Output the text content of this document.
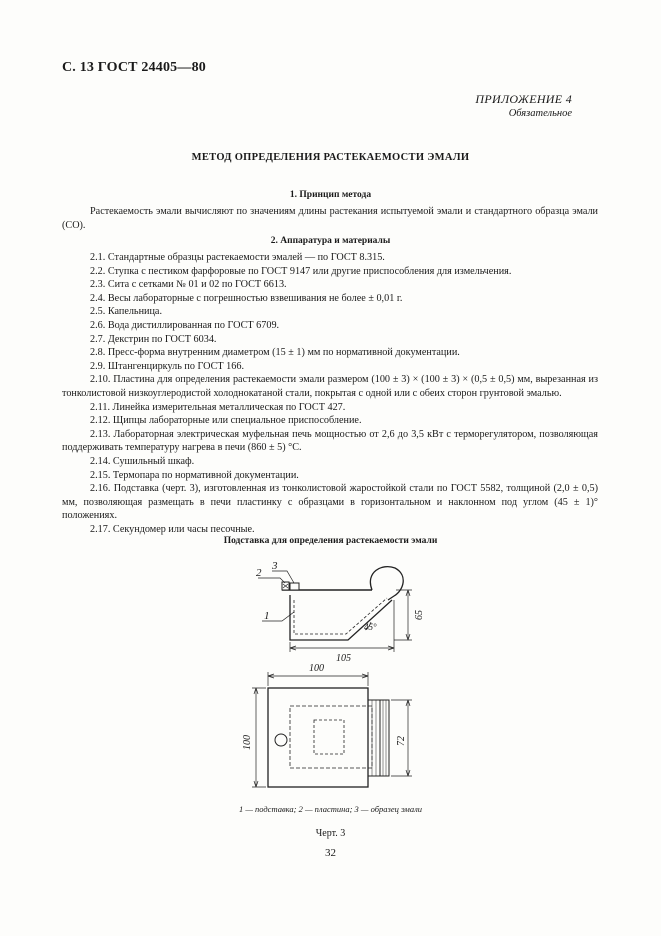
С. 13 ГОСТ 24405—80
ПРИЛОЖЕНИЕ 4
Обязательное
МЕТОД ОПРЕДЕЛЕНИЯ РАСТЕКАЕМОСТИ ЭМАЛИ
1. Принцип метода

Растекаемость эмали вычисляют по значениям длины растекания испытуемой эмали и стандартного образца эмали (СО).

2. Аппаратура и материалы

2.1. Стандартные образцы растекаемости эмалей — по ГОСТ 8.315.

2.2. Ступка с пестиком фарфоровые по ГОСТ 9147 или другие приспособления для измельчения.

2.3. Сита с сетками № 01 и 02 по ГОСТ 6613.

2.4. Весы лабораторные с погрешностью взвешивания не более ± 0,01 г.

2.5. Капельница.

2.6. Вода дистиллированная по ГОСТ 6709.

2.7. Декстрин по ГОСТ 6034.

2.8. Пресс-форма внутренним диаметром (15 ± 1) мм по нормативной документации.

2.9. Штангенциркуль по ГОСТ 166.

2.10. Пластина для определения растекаемости эмали размером (100 ± 3) × (100 ± 3) × (0,5 ± 0,5) мм, вырезанная из тонколистовой низкоуглеродистой холоднокатаной стали, покрытая с одной или с обеих сторон грунтовой эмалью.

2.11. Линейка измерительная металлическая по ГОСТ 427.

2.12. Щипцы лабораторные или специальное приспособление.

2.13. Лабораторная электрическая муфельная печь мощностью от 2,6 до 3,5 кВт с терморегулятором, позволяющая поддерживать температуру нагрева в печи (860 ± 5) °С.

2.14. Сушильный шкаф.

2.15. Термопара по нормативной документации.

2.16. Подставка (черт. 3), изготовленная из тонколистовой жаростойкой стали по ГОСТ 5582, толщиной (2,0 ± 0,5) мм, позволяющая размещать в печи пластинку с образцами в горизонтальном и наклонном под углом (45 ± 1)° положениях.

2.17. Секундомер или часы песочные.

Подставка для определения растекаемости эмали
2
3
1
105
65
45°
100
100	72
1 — подставка; 2 — пластина; 3 — образец эмали
Черт. 3
32
